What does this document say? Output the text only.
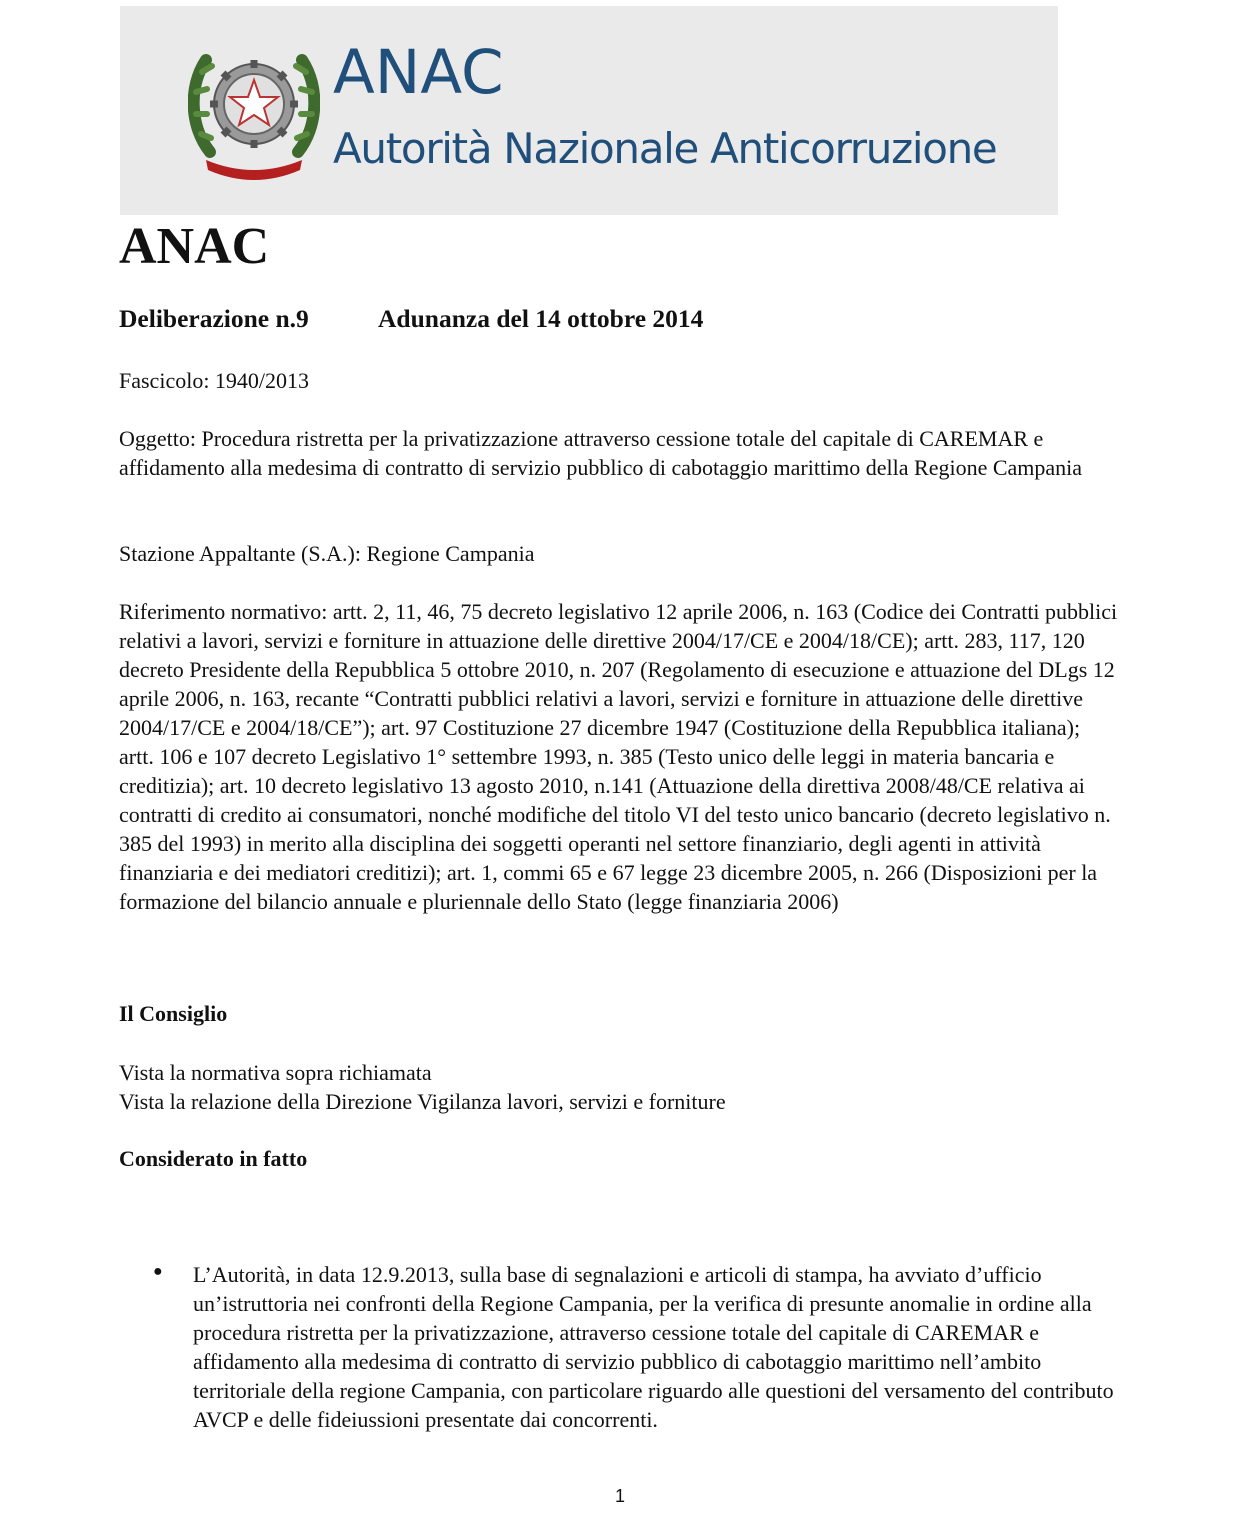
ANAC
Autorità Nazionale Anticorruzione
ANAC
Deliberazione n.9	Adunanza del 14 ottobre 2014

Fascicolo: 1940/2013

Oggetto: Procedura ristretta per la privatizzazione attraverso cessione totale del capitale di CAREMAR e affidamento alla medesima di contratto di servizio pubblico di cabotaggio marittimo della Regione Campania

Stazione Appaltante (S.A.): Regione Campania

Riferimento normativo: artt. 2, 11, 46, 75 decreto legislativo 12 aprile 2006, n. 163 (Codice dei Contratti pubblici relativi a lavori, servizi e forniture in attuazione delle direttive 2004/17/CE e 2004/18/CE); artt. 283, 117, 120 decreto Presidente della Repubblica 5 ottobre 2010, n. 207 (Regolamento di esecuzione e attuazione del DLgs 12 aprile 2006, n. 163, recante “Contratti pubblici relativi a lavori, servizi e forniture in attuazione delle direttive 2004/17/CE e 2004/18/CE”); art. 97 Costituzione 27 dicembre 1947 (Costituzione della Repubblica italiana); artt. 106 e 107 decreto Legislativo 1° settembre 1993, n. 385 (Testo unico delle leggi in materia bancaria e creditizia); art. 10 decreto legislativo 13 agosto 2010, n.141 (Attuazione della direttiva 2008/48/CE relativa ai contratti di credito ai consumatori, nonché modifiche del titolo VI del testo unico bancario (decreto legislativo n. 385 del 1993) in merito alla disciplina dei soggetti operanti nel settore finanziario, degli agenti in attività finanziaria e dei mediatori creditizi); art. 1, commi 65 e 67 legge 23 dicembre 2005, n. 266 (Disposizioni per la formazione del bilancio annuale e pluriennale dello Stato (legge finanziaria 2006)

Il Consiglio

Vista la normativa sopra richiamata

Vista la relazione della Direzione Vigilanza lavori, servizi e forniture

Considerato in fatto

● L’Autorità, in data 12.9.2013, sulla base di segnalazioni e articoli di stampa, ha avviato d’ufficio un’istruttoria nei confronti della Regione Campania, per la verifica di presunte anomalie in ordine alla procedura ristretta per la privatizzazione, attraverso cessione totale del capitale di CAREMAR e affidamento alla medesima di contratto di servizio pubblico di cabotaggio marittimo nell’ambito territoriale della regione Campania, con particolare riguardo alle questioni del versamento del contributo AVCP e delle fideiussioni presentate dai concorrenti.

1
